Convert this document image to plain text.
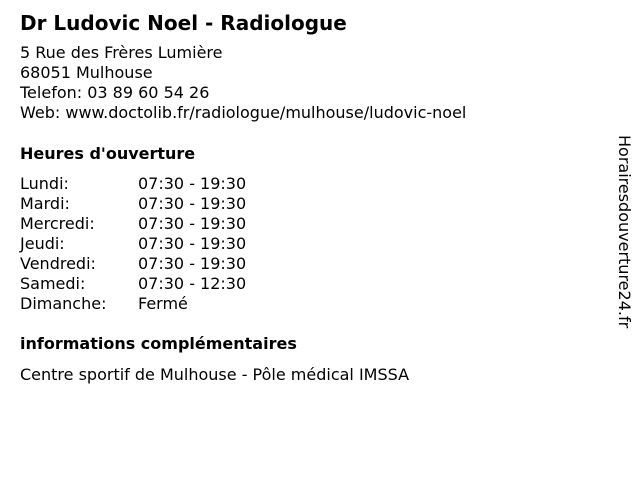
Dr Ludovic Noel - Radiologue
5 Rue des Frères Lumière
68051 Mulhouse
Telefon: 03 89 60 54 26
Web: www.doctolib.fr/radiologue/mulhouse/ludovic-noel
Heures d'ouverture
Lundi:	07:30 - 19:30
Mardi:	07:30 - 19:30
Mercredi:	07:30 - 19:30
Jeudi:	07:30 - 19:30
Vendredi:	07:30 - 19:30
Samedi:	07:30 - 12:30
Dimanche: Fermé
informations complémentaires
Centre sportif de Mulhouse - Pôle médical IMSSA
Horairesdouverture24.fr
